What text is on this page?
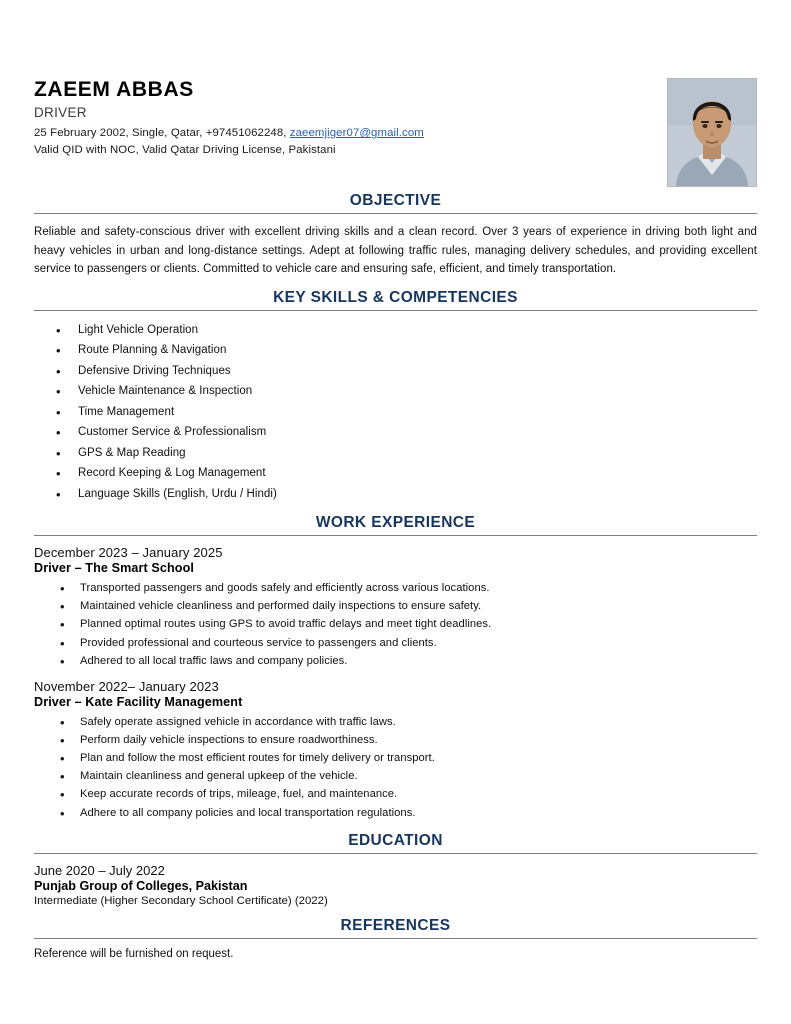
ZAEEM ABBAS
DRIVER
25 February 2002, Single, Qatar, +97451062248, zaeemjiger07@gmail.com
Valid QID with NOC, Valid Qatar Driving License, Pakistani
OBJECTIVE
Reliable and safety-conscious driver with excellent driving skills and a clean record. Over 3 years of experience in driving both light and heavy vehicles in urban and long-distance settings. Adept at following traffic rules, managing delivery schedules, and providing excellent service to passengers or clients. Committed to vehicle care and ensuring safe, efficient, and timely transportation.
KEY SKILLS & COMPETENCIES
• Light Vehicle Operation
• Route Planning & Navigation
• Defensive Driving Techniques
• Vehicle Maintenance & Inspection
• Time Management
• Customer Service & Professionalism
• GPS & Map Reading
• Record Keeping & Log Management
• Language Skills (English, Urdu / Hindi)
WORK EXPERIENCE
December 2023 – January 2025
Driver – The Smart School
• Transported passengers and goods safely and efficiently across various locations.
• Maintained vehicle cleanliness and performed daily inspections to ensure safety.
• Planned optimal routes using GPS to avoid traffic delays and meet tight deadlines.
• Provided professional and courteous service to passengers and clients.
• Adhered to all local traffic laws and company policies.
November 2022– January 2023
Driver – Kate Facility Management
• Safely operate assigned vehicle in accordance with traffic laws.
• Perform daily vehicle inspections to ensure roadworthiness.
• Plan and follow the most efficient routes for timely delivery or transport.
• Maintain cleanliness and general upkeep of the vehicle.
• Keep accurate records of trips, mileage, fuel, and maintenance.
• Adhere to all company policies and local transportation regulations.
EDUCATION
June 2020 – July 2022
Punjab Group of Colleges, Pakistan
Intermediate (Higher Secondary School Certificate) (2022)
REFERENCES
Reference will be furnished on request.
